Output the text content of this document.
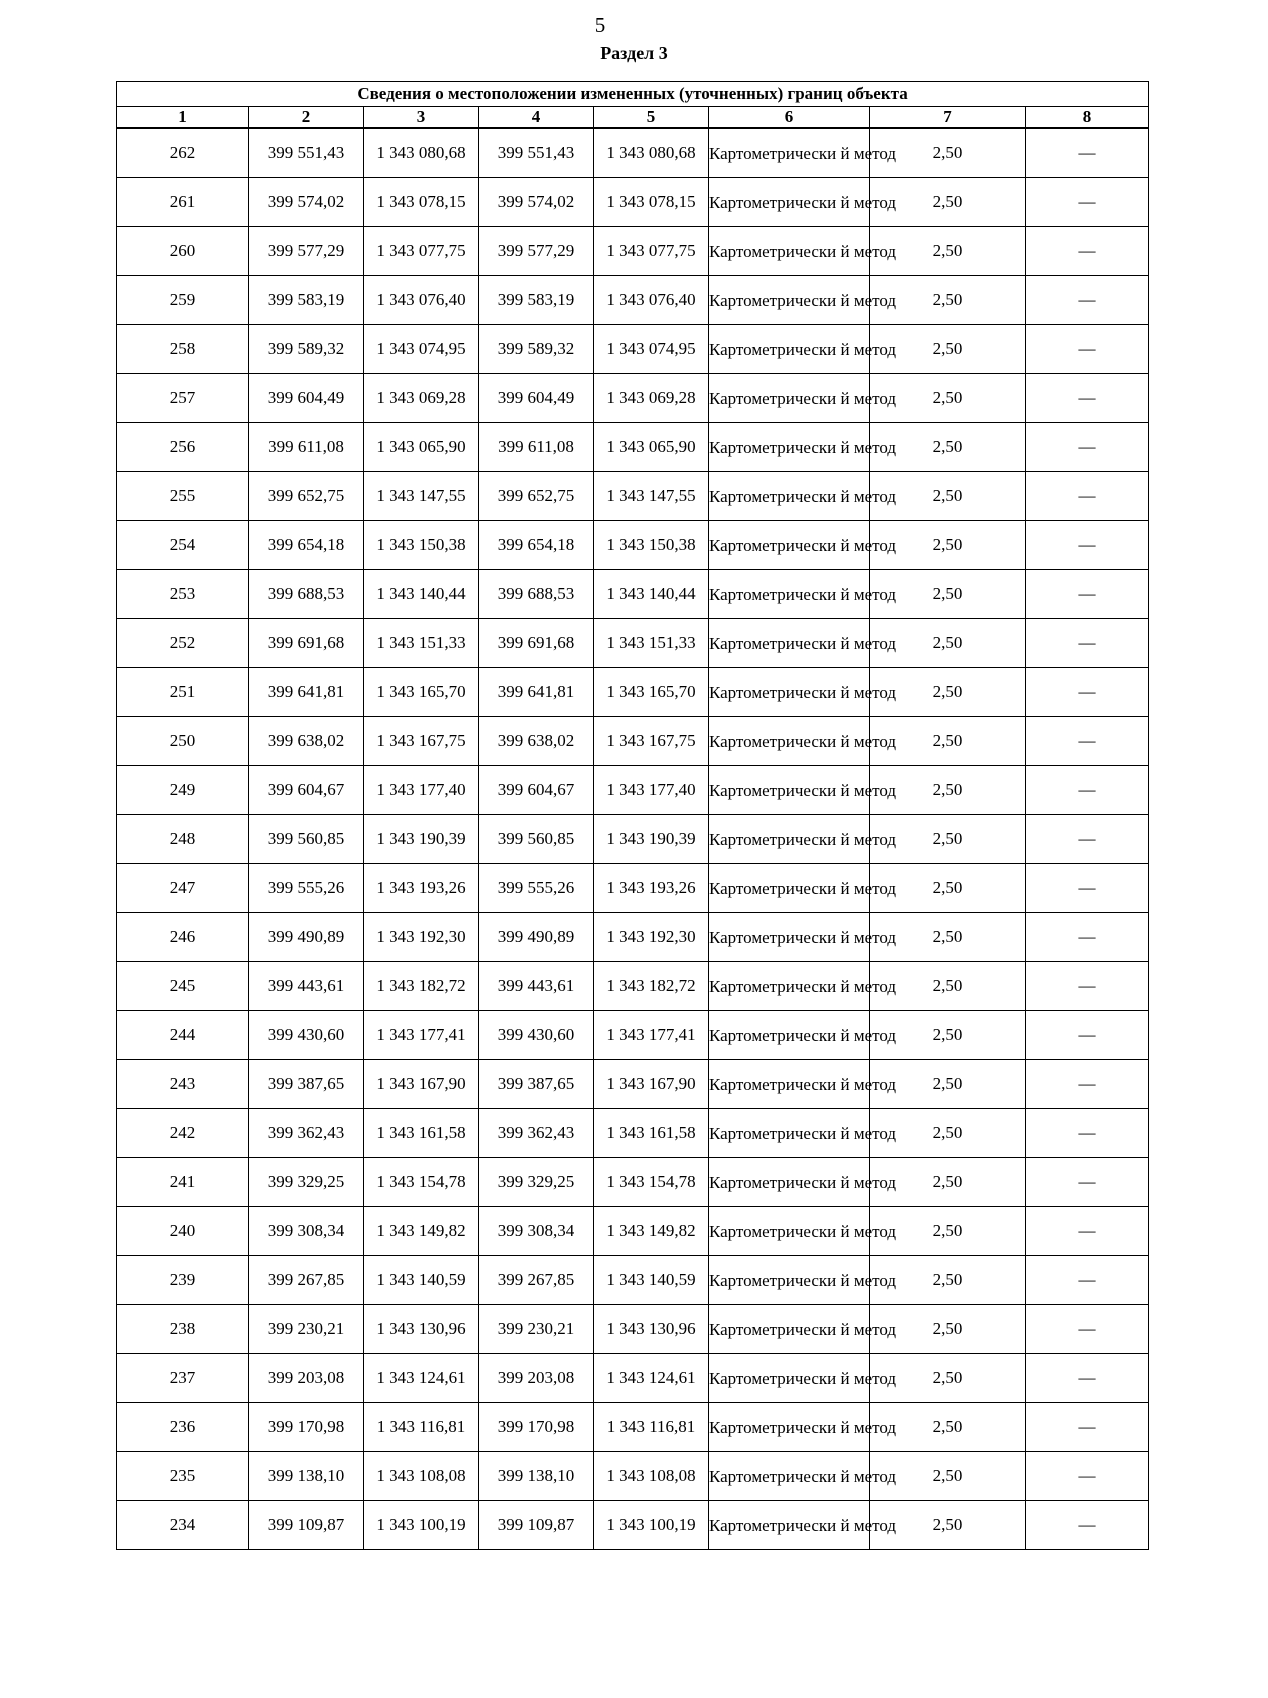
5
Раздел 3
Сведения о местоположении измененных (уточненных) границ объекта							
1	2	3	4	5	6	7	8
262	399 551,43	1 343 080,68	399 551,43	1 343 080,68	Картометрически й метод	2,50	—
261	399 574,02	1 343 078,15	399 574,02	1 343 078,15	Картометрически й метод	2,50	—
260	399 577,29	1 343 077,75	399 577,29	1 343 077,75	Картометрически й метод	2,50	—
259	399 583,19	1 343 076,40	399 583,19	1 343 076,40	Картометрически й метод	2,50	—
258	399 589,32	1 343 074,95	399 589,32	1 343 074,95	Картометрически й метод	2,50	—
257	399 604,49	1 343 069,28	399 604,49	1 343 069,28	Картометрически й метод	2,50	—
256	399 611,08	1 343 065,90	399 611,08	1 343 065,90	Картометрически й метод	2,50	—
255	399 652,75	1 343 147,55	399 652,75	1 343 147,55	Картометрически й метод	2,50	—
254	399 654,18	1 343 150,38	399 654,18	1 343 150,38	Картометрически й метод	2,50	—
253	399 688,53	1 343 140,44	399 688,53	1 343 140,44	Картометрически й метод	2,50	—
252	399 691,68	1 343 151,33	399 691,68	1 343 151,33	Картометрически й метод	2,50	—
251	399 641,81	1 343 165,70	399 641,81	1 343 165,70	Картометрически й метод	2,50	—
250	399 638,02	1 343 167,75	399 638,02	1 343 167,75	Картометрически й метод	2,50	—
249	399 604,67	1 343 177,40	399 604,67	1 343 177,40	Картометрически й метод	2,50	—
248	399 560,85	1 343 190,39	399 560,85	1 343 190,39	Картометрически й метод	2,50	—
247	399 555,26	1 343 193,26	399 555,26	1 343 193,26	Картометрически й метод	2,50	—
246	399 490,89	1 343 192,30	399 490,89	1 343 192,30	Картометрически й метод	2,50	—
245	399 443,61	1 343 182,72	399 443,61	1 343 182,72	Картометрически й метод	2,50	—
244	399 430,60	1 343 177,41	399 430,60	1 343 177,41	Картометрически й метод	2,50	—
243	399 387,65	1 343 167,90	399 387,65	1 343 167,90	Картометрически й метод	2,50	—
242	399 362,43	1 343 161,58	399 362,43	1 343 161,58	Картометрически й метод	2,50	—
241	399 329,25	1 343 154,78	399 329,25	1 343 154,78	Картометрически й метод	2,50	—
240	399 308,34	1 343 149,82	399 308,34	1 343 149,82	Картометрически й метод	2,50	—
239	399 267,85	1 343 140,59	399 267,85	1 343 140,59	Картометрически й метод	2,50	—
238	399 230,21	1 343 130,96	399 230,21	1 343 130,96	Картометрически й метод	2,50	—
237	399 203,08	1 343 124,61	399 203,08	1 343 124,61	Картометрически й метод	2,50	—
236	399 170,98	1 343 116,81	399 170,98	1 343 116,81	Картометрически й метод	2,50	—
235	399 138,10	1 343 108,08	399 138,10	1 343 108,08	Картометрически й метод	2,50	—
234	399 109,87	1 343 100,19	399 109,87	1 343 100,19	Картометрически й метод	2,50	—
